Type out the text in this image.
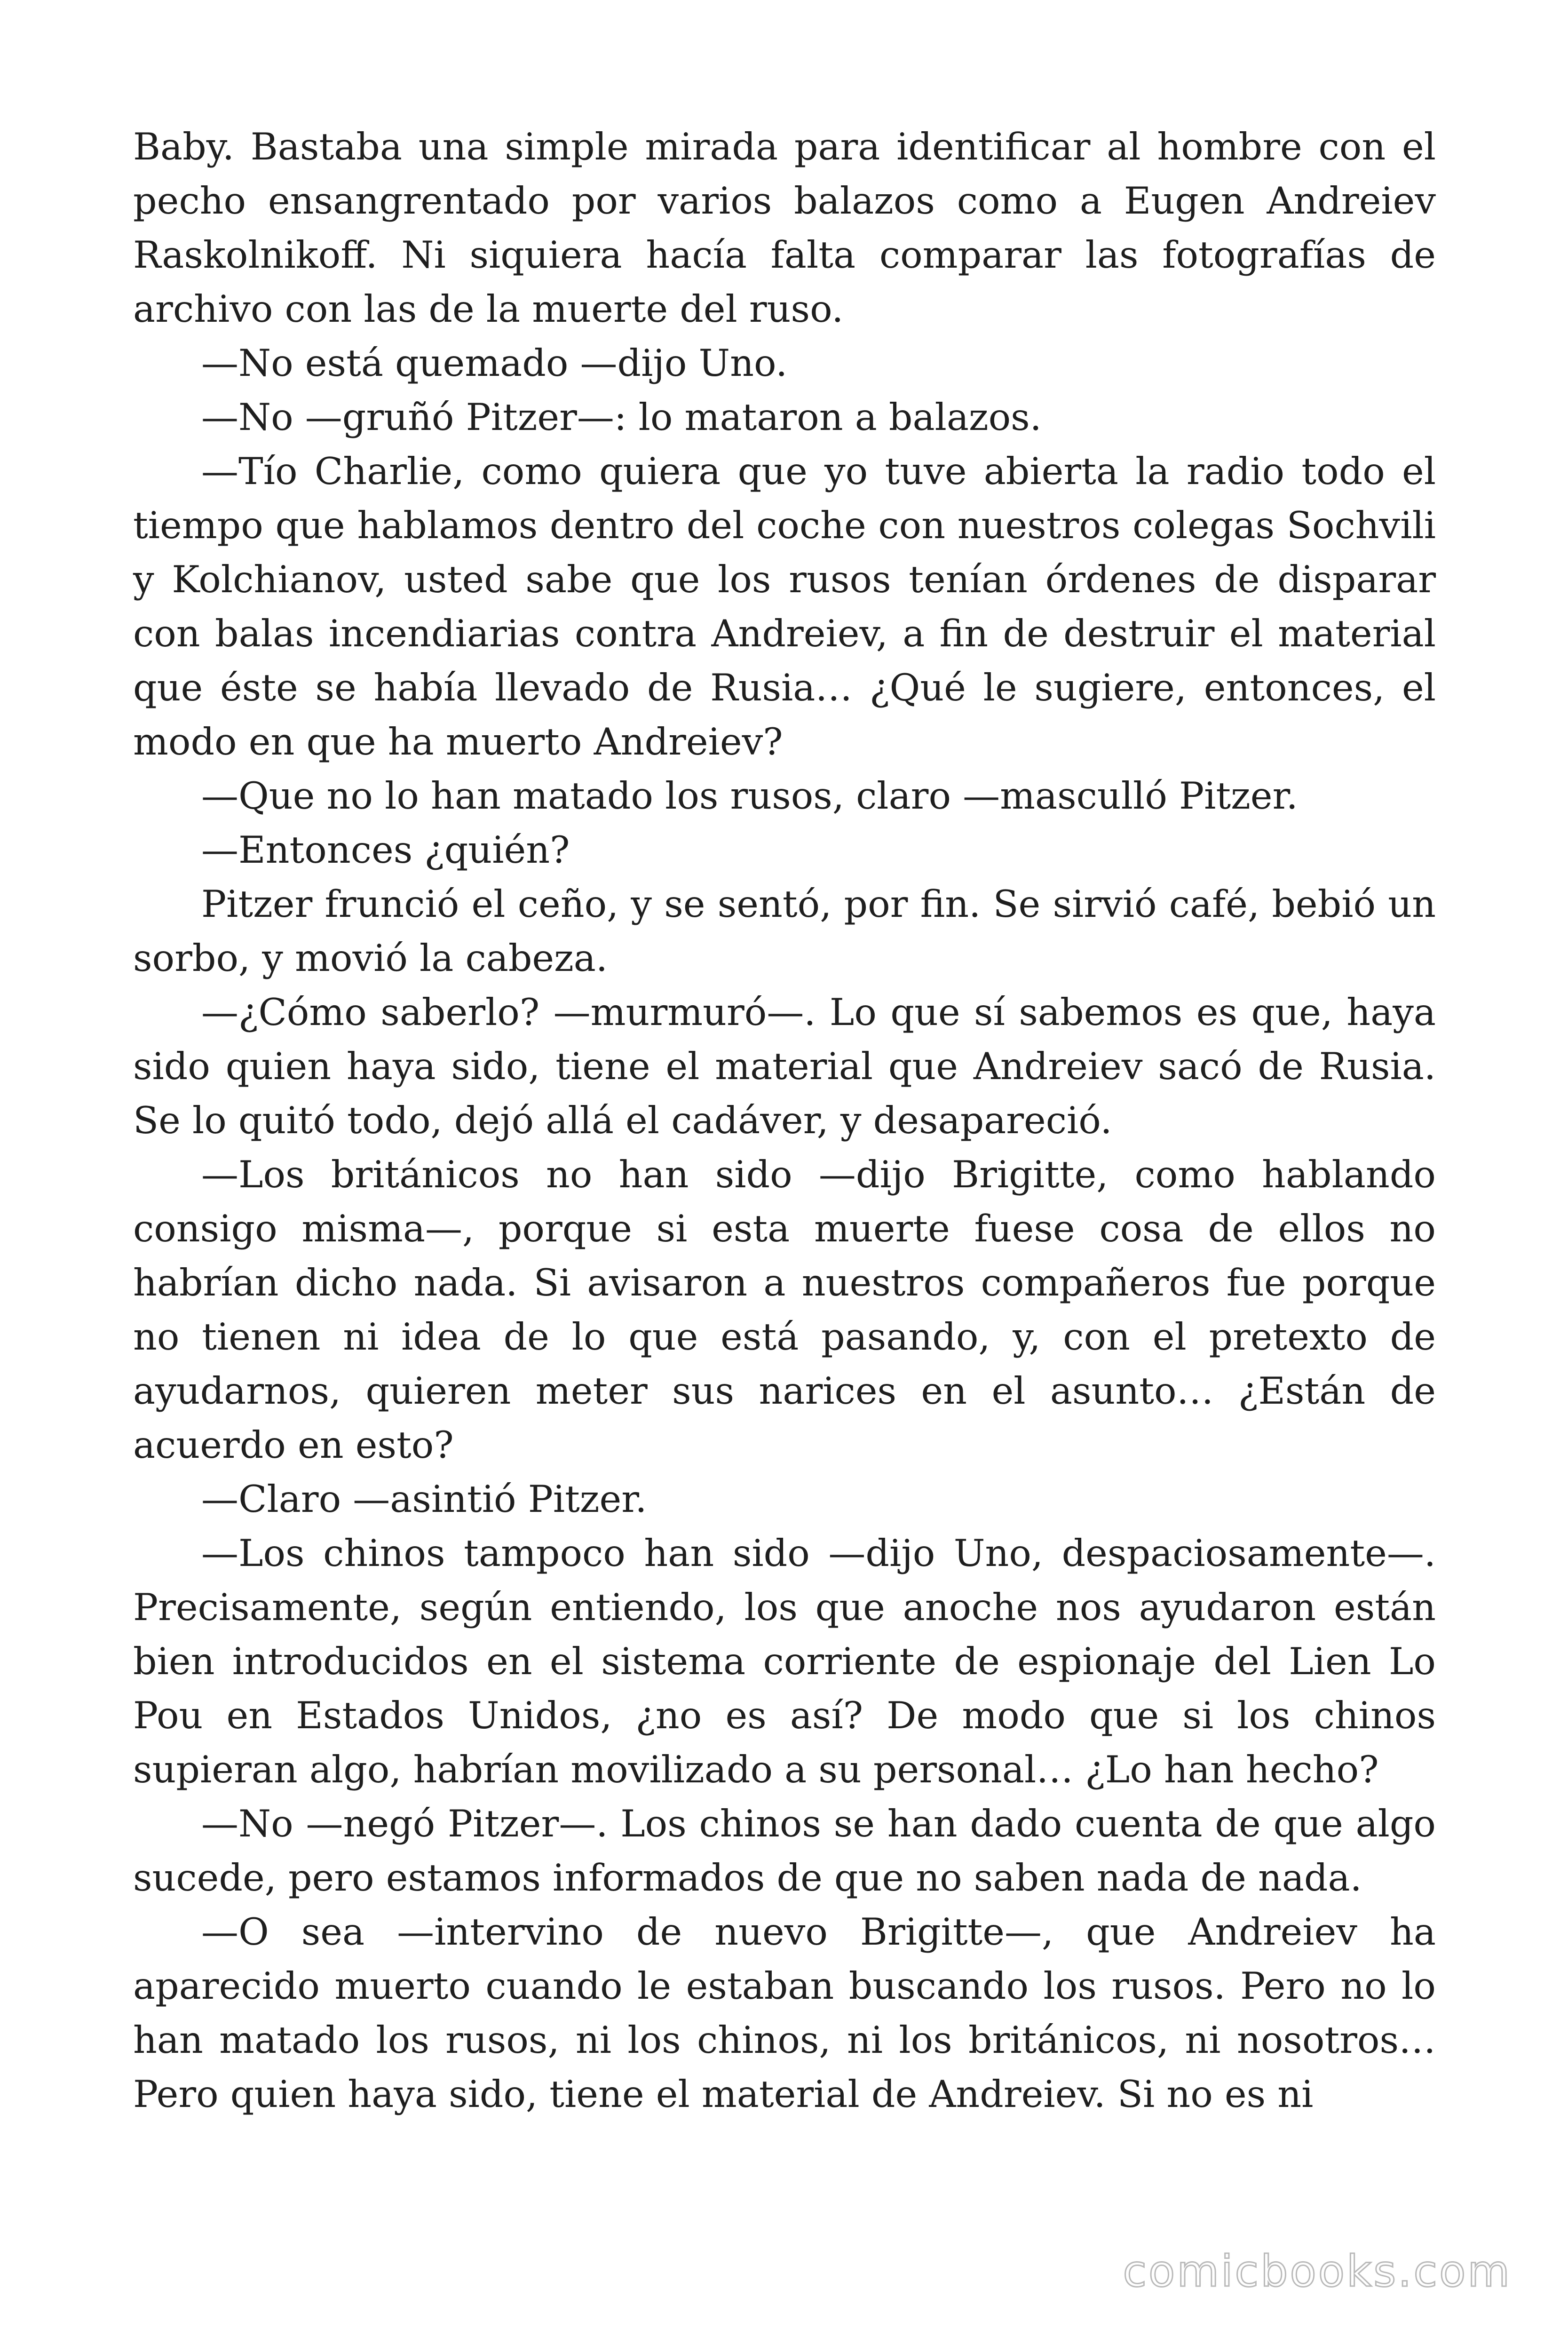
Baby. Bastaba una simple mirada para identificar al hombre con el pecho ensangrentado por varios balazos como a Eugen Andreiev Raskolnikoff. Ni siquiera hacía falta comparar las fotografías de archivo con las de la muerte del ruso.

—No está quemado —dijo Uno.

—No —gruñó Pitzer—: lo mataron a balazos.

—Tío Charlie, como quiera que yo tuve abierta la radio todo el tiempo que hablamos dentro del coche con nuestros colegas Sochvili y Kolchianov, usted sabe que los rusos tenían órdenes de disparar con balas incendiarias contra Andreiev, a fin de destruir el material que éste se había llevado de Rusia… ¿Qué le sugiere, entonces, el modo en que ha muerto Andreiev?

—Que no lo han matado los rusos, claro —masculló Pitzer.

—Entonces ¿quién?

Pitzer frunció el ceño, y se sentó, por fin. Se sirvió café, bebió un sorbo, y movió la cabeza.

—¿Cómo saberlo? —murmuró—. Lo que sí sabemos es que, haya sido quien haya sido, tiene el material que Andreiev sacó de Rusia. Se lo quitó todo, dejó allá el cadáver, y desapareció.

—Los británicos no han sido —dijo Brigitte, como hablando consigo misma—, porque si esta muerte fuese cosa de ellos no habrían dicho nada. Si avisaron a nuestros compañeros fue porque no tienen ni idea de lo que está pasando, y, con el pretexto de ayudarnos, quieren meter sus narices en el asunto… ¿Están de acuerdo en esto?

—Claro —asintió Pitzer.

—Los chinos tampoco han sido —dijo Uno, despaciosamente—. Precisamente, según entiendo, los que anoche nos ayudaron están bien introducidos en el sistema corriente de espionaje del Lien Lo Pou en Estados Unidos, ¿no es así? De modo que si los chinos supieran algo, habrían movilizado a su personal… ¿Lo han hecho?

—No —negó Pitzer—. Los chinos se han dado cuenta de que algo sucede, pero estamos informados de que no saben nada de nada.

—O sea —intervino de nuevo Brigitte—, que Andreiev ha aparecido muerto cuando le estaban buscando los rusos. Pero no lo han matado los rusos, ni los chinos, ni los británicos, ni nosotros… Pero quien haya sido, tiene el material de Andreiev. Si no es ni

comicbooks.com
